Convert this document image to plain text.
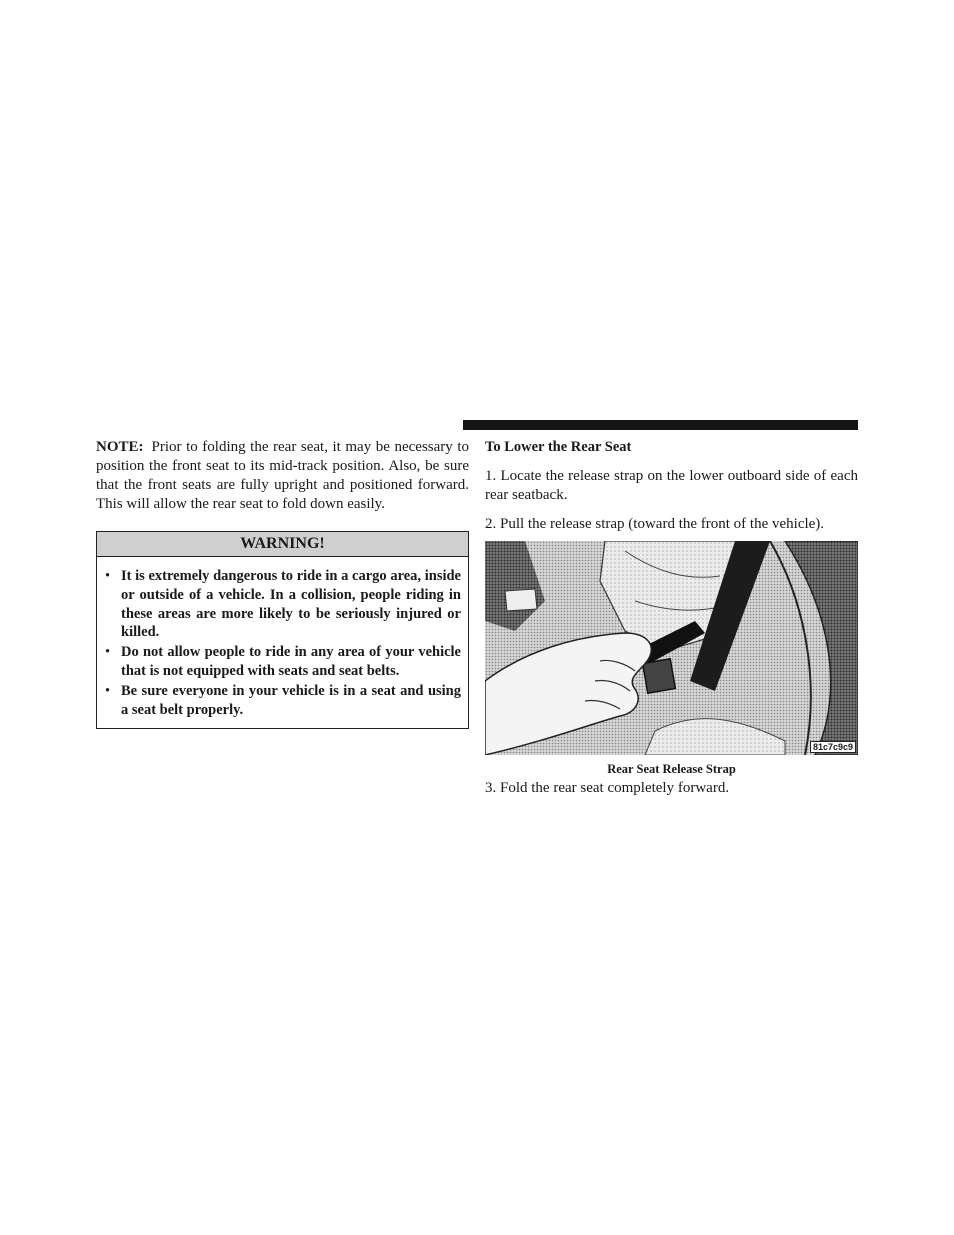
NOTE: Prior to folding the rear seat, it may be necessary to position the front seat to its mid-track position. Also, be sure that the front seats are fully upright and positioned forward. This will allow the rear seat to fold down easily.

WARNING!
• It is extremely dangerous to ride in a cargo area, inside or outside of a vehicle. In a collision, people riding in these areas are more likely to be seriously injured or killed.
• Do not allow people to ride in any area of your vehicle that is not equipped with seats and seat belts.
• Be sure everyone in your vehicle is in a seat and using a seat belt properly.

To Lower the Rear Seat

1. Locate the release strap on the lower outboard side of each rear seatback.

2. Pull the release strap (toward the front of the vehicle).

81c7c9c9
Rear Seat Release Strap

3. Fold the rear seat completely forward.
